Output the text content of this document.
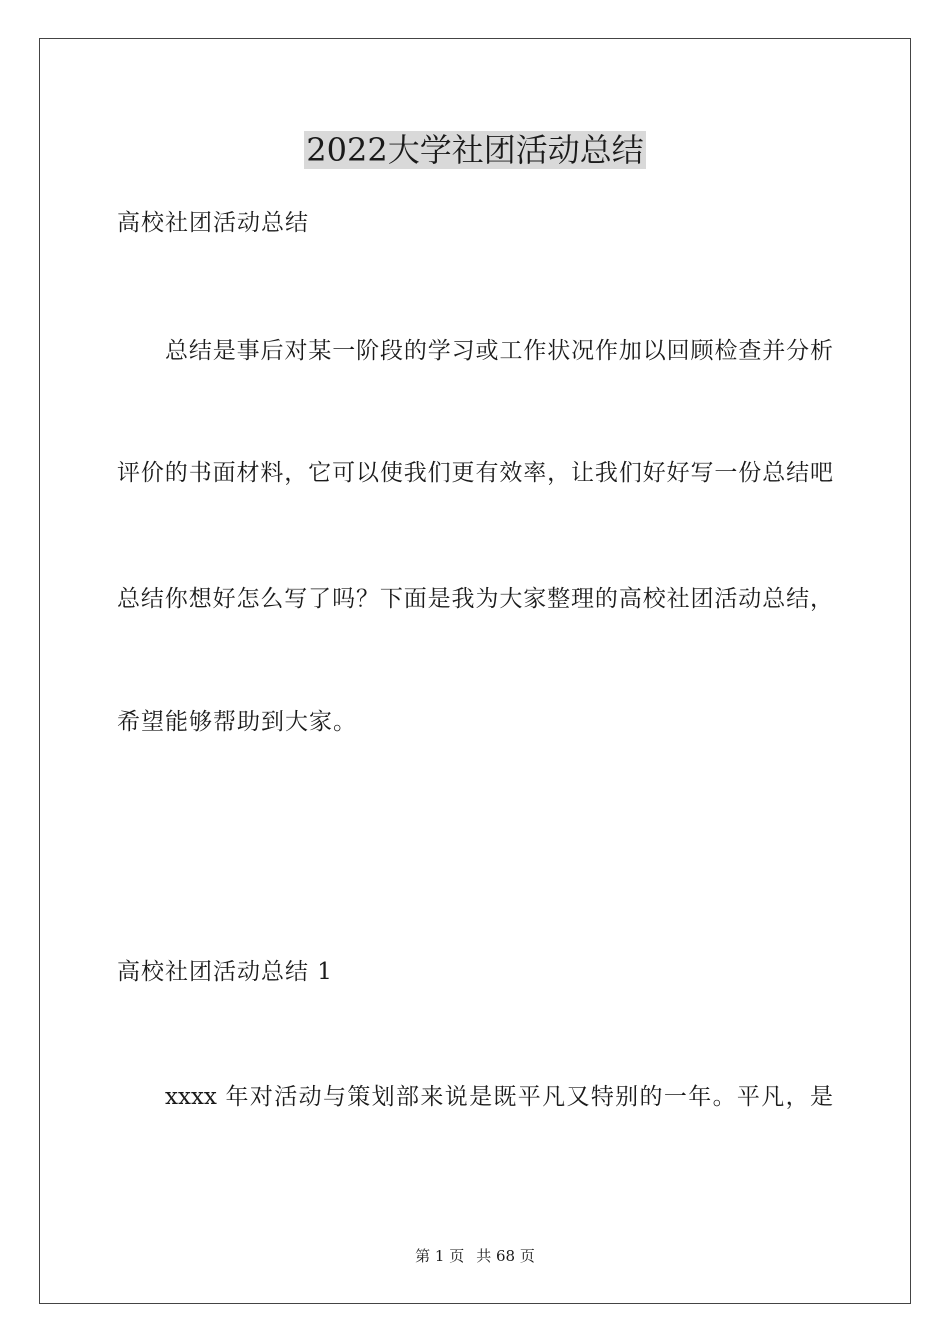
2022大学社团活动总结
高校社团活动总结
总结是事后对某一阶段的学习或工作状况作加以回顾检查并分析
评价的书面材料，它可以使我们更有效率，让我们好好写一份总结吧
总结你想好怎么写了吗？下面是我为大家整理的高校社团活动总结，
希望能够帮助到大家。
高校社团活动总结 1
xxxx 年对活动与策划部来说是既平凡又特别的一年。平凡，是
第 1 页 共 68 页
